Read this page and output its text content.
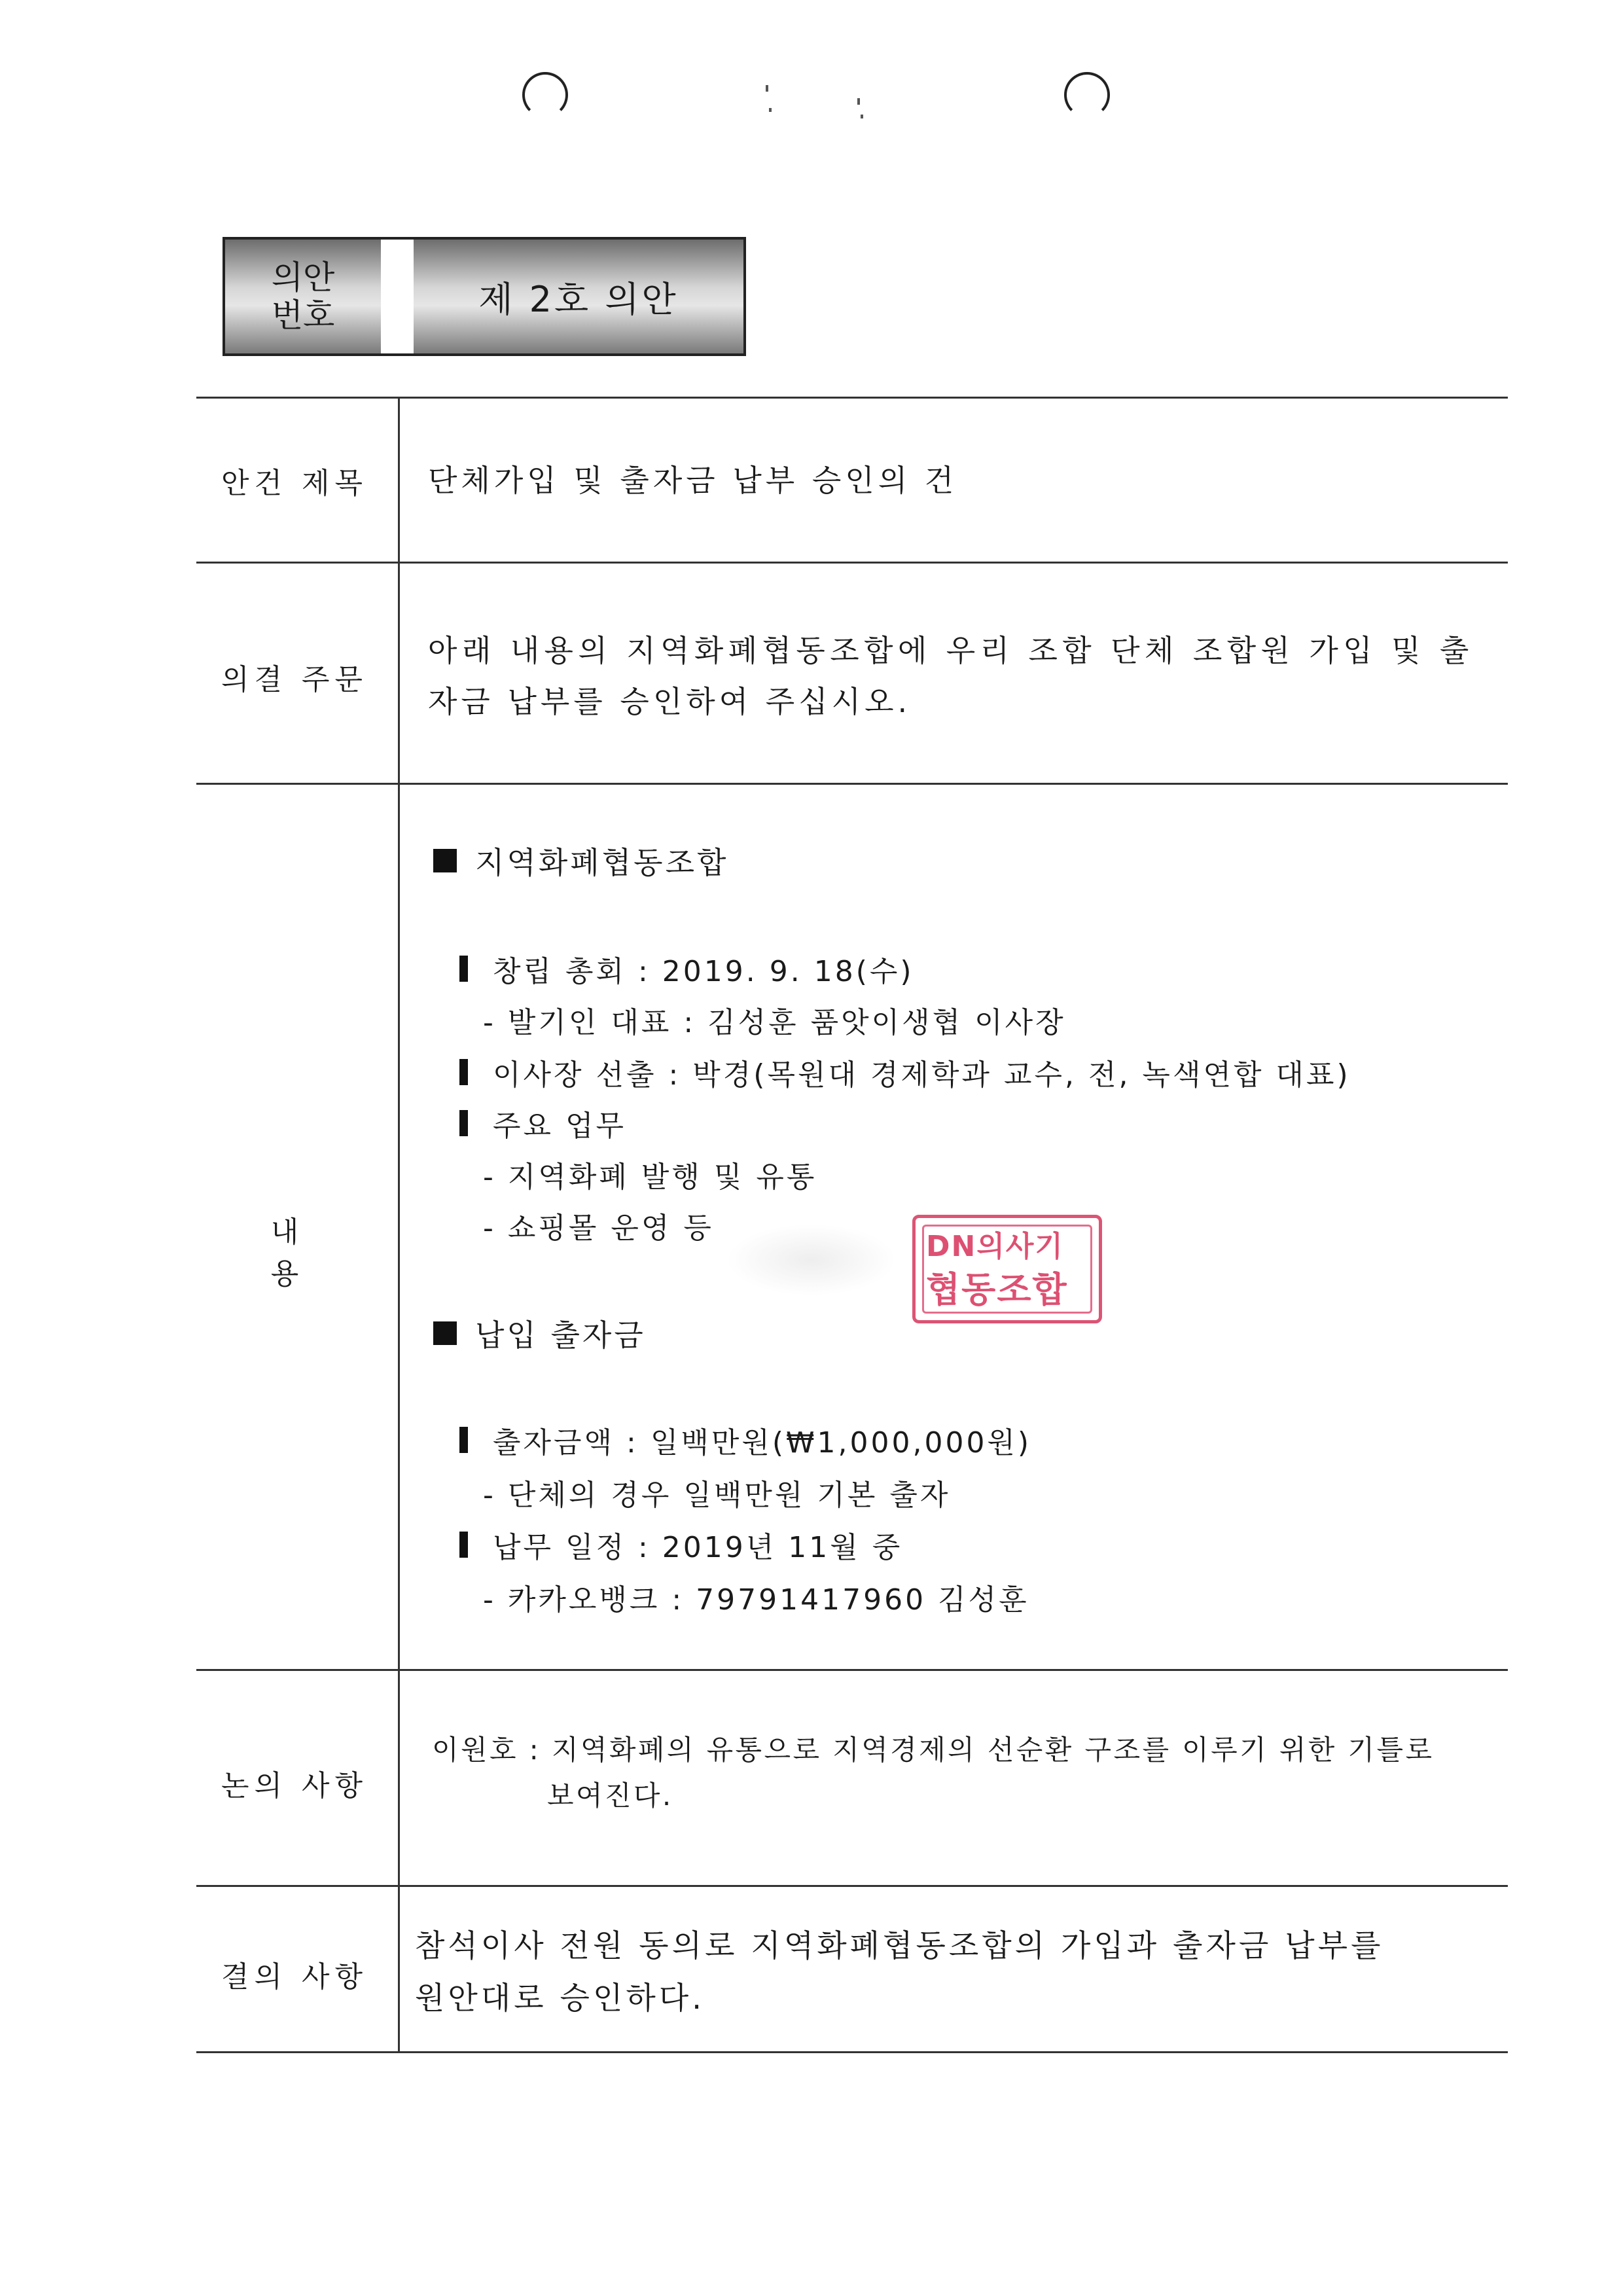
의안
번호	제 2호 의안
안건 제목	단체가입 및 출자금 납부 승인의 건
의결 주문
아래 내용의 지역화폐협동조합에 우리 조합 단체 조합원 가입 및 출
자금 납부를 승인하여 주십시오.
내 용
지역화폐협동조합
창립 총회 : 2019. 9. 18(수)
- 발기인 대표 : 김성훈 품앗이생협 이사장
이사장 선출 : 박경(목원대 경제학과 교수, 전, 녹색연합 대표)
주요 업무
- 지역화폐 발행 및 유통
- 쇼핑몰 운영 등
납입 출자금
출자금액 : 일백만원(₩1,000,000원)
- 단체의 경우 일백만원 기본 출자
납무 일정 : 2019년 11월 중
- 카카오뱅크 : 79791417960 김성훈
DN의사기
협동조합
논의 사항
이원호 : 지역화폐의 유통으로 지역경제의 선순환 구조를 이루기 위한 기틀로
보여진다.
결의 사항
참석이사 전원 동의로 지역화폐협동조합의 가입과 출자금 납부를
원안대로 승인하다.
